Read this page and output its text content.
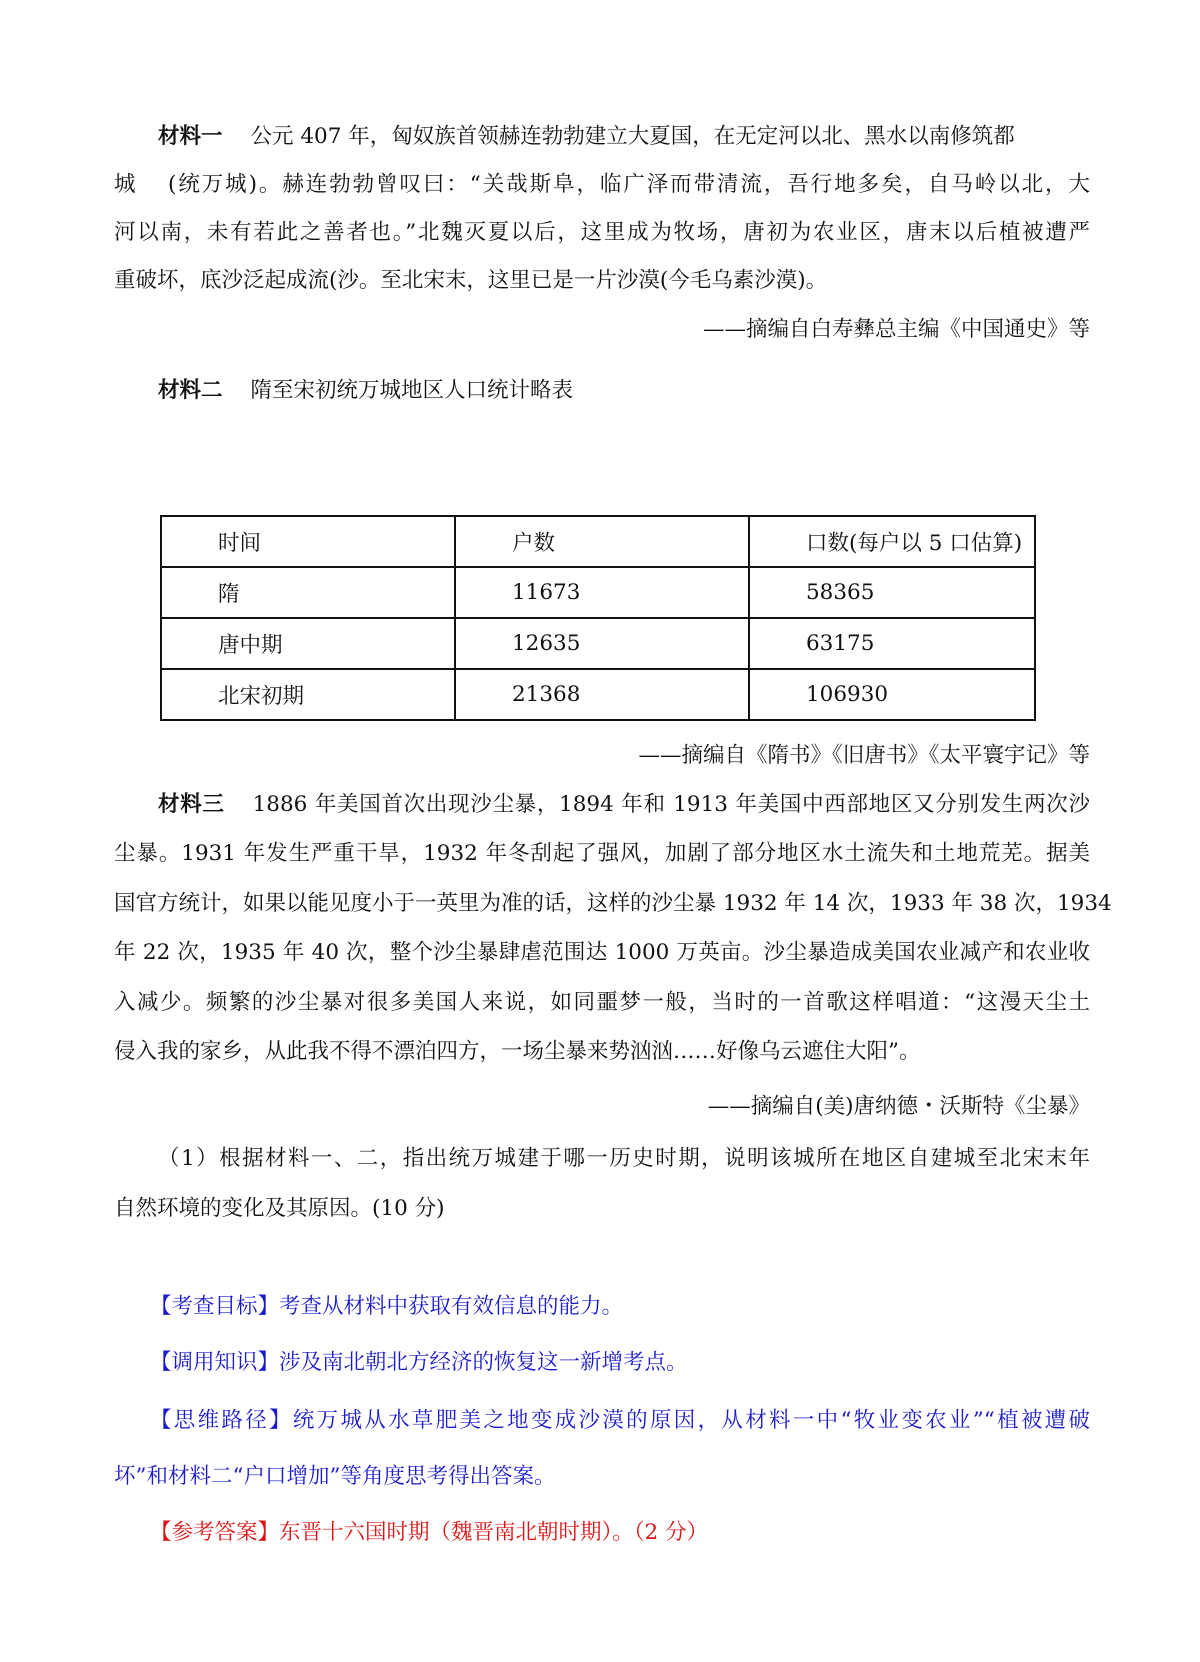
材料一 公元 407 年，匈奴族首领赫连勃勃建立大夏国，在无定河以北、黑水以南修筑都
城 (统万城)。赫连勃勃曾叹曰：“关哉斯阜，临广泽而带清流，吾行地多矣，自马岭以北，大
河以南，未有若此之善者也。”北魏灭夏以后，这里成为牧场，唐初为农业区，唐末以后植被遭严
重破坏，底沙泛起成流(沙。至北宋末，这里已是一片沙漠(今毛乌素沙漠)。
——摘编自白寿彝总主编《中国通史》等
材料二 隋至宋初统万城地区人口统计略表
时间	户数	口数(每户以 5 口估算)
隋	11673	58365
唐中期	12635	63175
北宋初期	21368	106930
——摘编自《隋书》《旧唐书》《太平寰宇记》等
材料三 1886 年美国首次出现沙尘暴，1894 年和 1913 年美国中西部地区又分别发生两次沙
尘暴。1931 年发生严重干旱，1932 年冬刮起了强风，加剧了部分地区水土流失和土地荒芜。据美
国官方统计，如果以能见度小于一英里为准的话，这样的沙尘暴 1932 年 14 次，1933 年 38 次，1934
年 22 次，1935 年 40 次，整个沙尘暴肆虐范围达 1000 万英亩。沙尘暴造成美国农业减产和农业收
入减少。频繁的沙尘暴对很多美国人来说，如同噩梦一般，当时的一首歌这样唱道：“这漫天尘土
侵入我的家乡，从此我不得不漂泊四方，一场尘暴来势汹汹……好像乌云遮住大阳”。
——摘编自(美)唐纳德・沃斯特《尘暴》
（1）根据材料一、二，指出统万城建于哪一历史时期，说明该城所在地区自建城至北宋末年
自然环境的变化及其原因。(10 分)
【考查目标】考查从材料中获取有效信息的能力。
【调用知识】涉及南北朝北方经济的恢复这一新增考点。
【思维路径】统万城从水草肥美之地变成沙漠的原因，从材料一中“牧业变农业”“植被遭破
坏”和材料二“户口增加”等角度思考得出答案。
【参考答案】东晋十六国时期（魏晋南北朝时期）。（2 分）
